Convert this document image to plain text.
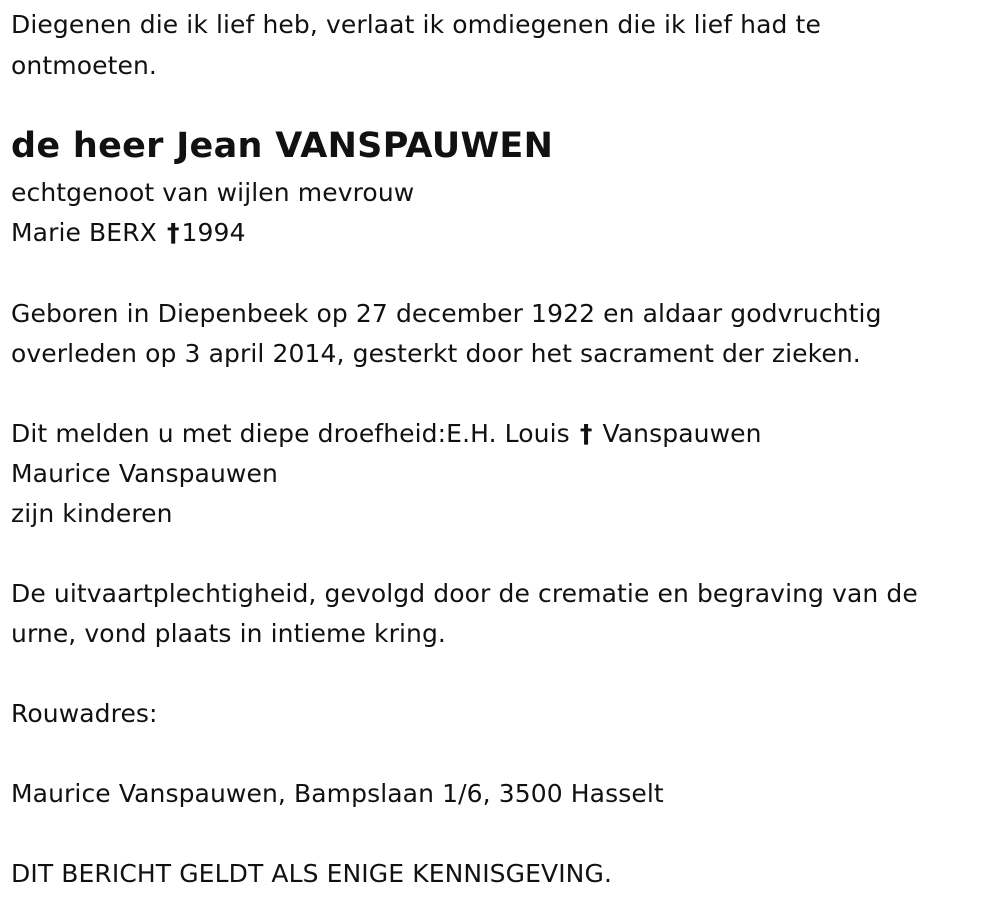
Diegenen die ik lief heb, verlaat ik omdiegenen die ik lief had te
ontmoeten.
de heer Jean VANSPAUWEN
echtgenoot van wijlen mevrouw
Marie BERX †1994
Geboren in Diepenbeek op 27 december 1922 en aldaar godvruchtig
overleden op 3 april 2014, gesterkt door het sacrament der zieken.
Dit melden u met diepe droefheid:E.H. Louis † Vanspauwen
Maurice Vanspauwen
zijn kinderen
De uitvaartplechtigheid, gevolgd door de crematie en begraving van de
urne, vond plaats in intieme kring.
Rouwadres:
Maurice Vanspauwen, Bampslaan 1/6, 3500 Hasselt
DIT BERICHT GELDT ALS ENIGE KENNISGEVING.
